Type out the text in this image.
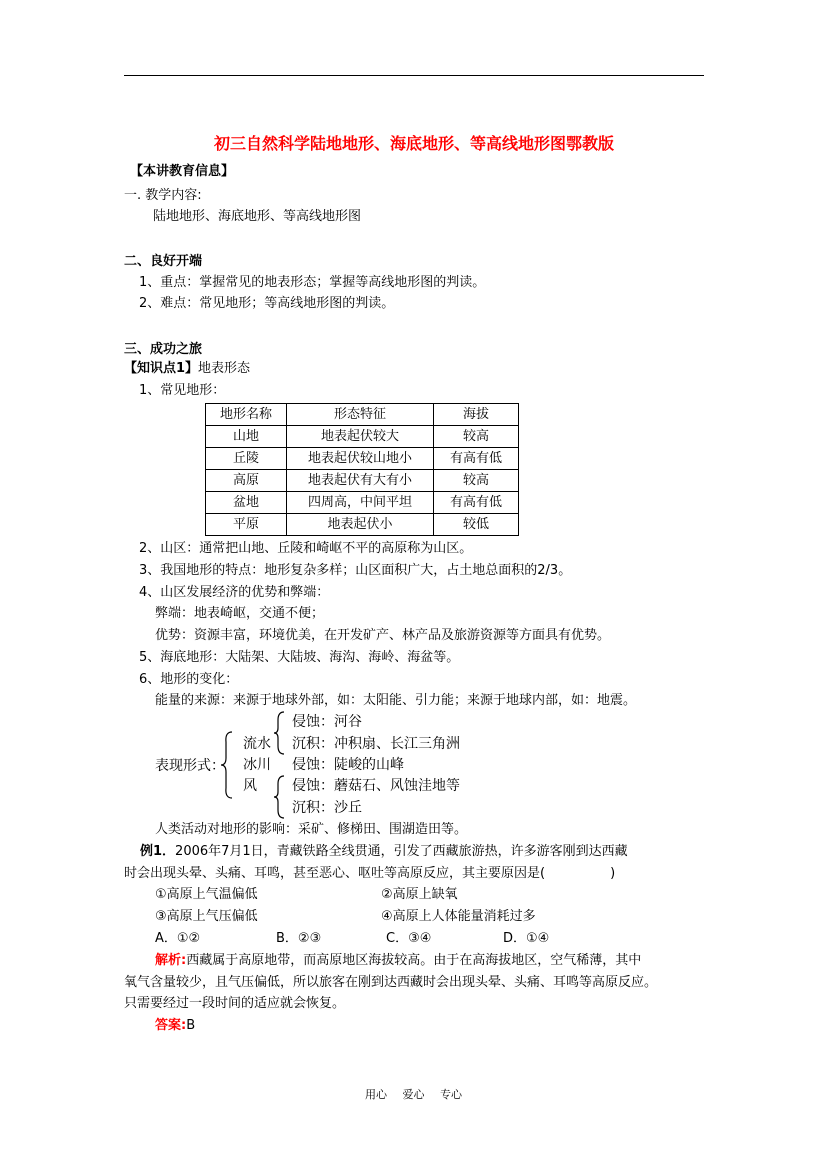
初三自然科学陆地地形、海底地形、等高线地形图鄂教版
【本讲教育信息】
一. 教学内容:
陆地地形、海底地形、等高线地形图
二、良好开端
1、重点：掌握常见的地表形态；掌握等高线地形图的判读。
2、难点：常见地形；等高线地形图的判读。
三、成功之旅
【知识点1】地表形态
1、常见地形：
地形名称	形态特征	海拔
山地	地表起伏较大	较高
丘陵	地表起伏较山地小	有高有低
高原	地表起伏有大有小	较高
盆地	四周高，中间平坦	有高有低
平原	地表起伏小	较低
2、山区：通常把山地、丘陵和崎岖不平的高原称为山区。
3、我国地形的特点：地形复杂多样；山区面积广大，占土地总面积的2/3。
4、山区发展经济的优势和弊端：
弊端：地表崎岖，交通不便；
优势：资源丰富，环境优美，在开发矿产、林产品及旅游资源等方面具有优势。
5、海底地形：大陆架、大陆坡、海沟、海岭、海盆等。
6、地形的变化：
能量的来源：来源于地球外部，如：太阳能、引力能；来源于地球内部，如：地震。
表现形式：
流水
冰川
风
侵蚀：河谷
沉积：冲积扇、长江三角洲
侵蚀：陡峻的山峰
侵蚀：蘑菇石、风蚀洼地等
沉积：沙丘
人类活动对地形的影响：采矿、修梯田、围湖造田等。
例1．2006年7月1日，青藏铁路全线贯通，引发了西藏旅游热，许多游客刚到达西藏
时会出现头晕、头痛、耳鸣，甚至恶心、呕吐等高原反应，其主要原因是(　　　　　)
①高原上气温偏低	②高原上缺氧
③高原上气压偏低	④高原上人体能量消耗过多
A．①②	B．②③	C．③④	D．①④
解析:西藏属于高原地带，而高原地区海拔较高。由于在高海拔地区，空气稀薄，其中
氧气含量较少，且气压偏低，所以旅客在刚到达西藏时会出现头晕、头痛、耳鸣等高原反应。
只需要经过一段时间的适应就会恢复。
答案:B
用心 爱心 专心
